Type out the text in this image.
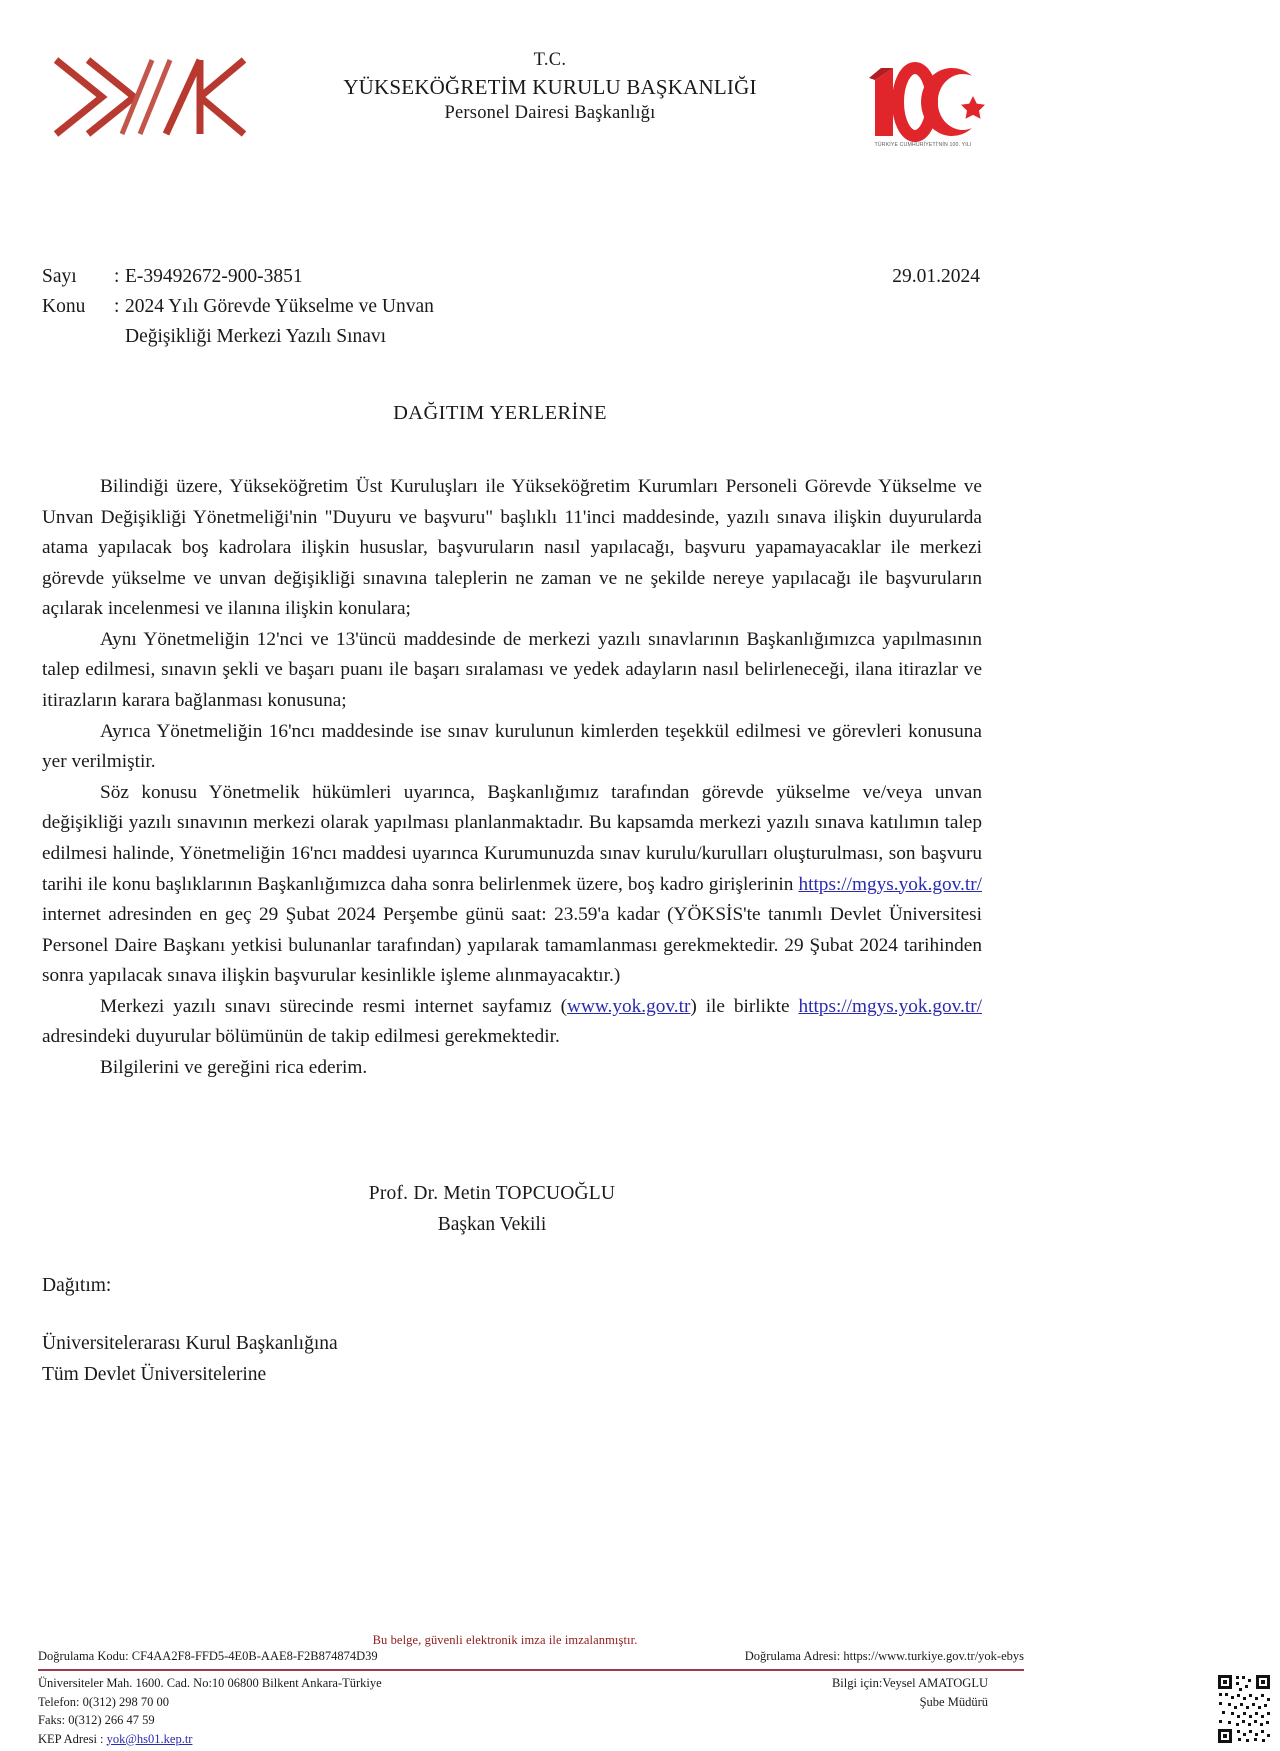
T.C.
YÜKSEKÖĞRETİM KURULU BAŞKANLIĞI
Personel Dairesi Başkanlığı
TÜRKİYE CUMHURİYETİ'NİN 100. YILI
Sayı	: E-39492672-900-3851	29.01.2024
Konu	: 2024 Yılı Görevde Yükselme ve Unvan
Değişikliği Merkezi Yazılı Sınavı
DAĞITIM YERLERİNE

Bilindiği üzere, Yükseköğretim Üst Kuruluşları ile Yükseköğretim Kurumları Personeli Görevde Yükselme ve Unvan Değişikliği Yönetmeliği'nin "Duyuru ve başvuru" başlıklı 11'inci maddesinde, yazılı sınava ilişkin duyurularda atama yapılacak boş kadrolara ilişkin hususlar, başvuruların nasıl yapılacağı, başvuru yapamayacaklar ile merkezi görevde yükselme ve unvan değişikliği sınavına taleplerin ne zaman ve ne şekilde nereye yapılacağı ile başvuruların açılarak incelenmesi ve ilanına ilişkin konulara;

Aynı Yönetmeliğin 12'nci ve 13'üncü maddesinde de merkezi yazılı sınavlarının Başkanlığımızca yapılmasının talep edilmesi, sınavın şekli ve başarı puanı ile başarı sıralaması ve yedek adayların nasıl belirleneceği, ilana itirazlar ve itirazların karara bağlanması konusuna;

Ayrıca Yönetmeliğin 16'ncı maddesinde ise sınav kurulunun kimlerden teşekkül edilmesi ve görevleri konusuna yer verilmiştir.

Söz konusu Yönetmelik hükümleri uyarınca, Başkanlığımız tarafından görevde yükselme ve/veya unvan değişikliği yazılı sınavının merkezi olarak yapılması planlanmaktadır. Bu kapsamda merkezi yazılı sınava katılımın talep edilmesi halinde, Yönetmeliğin 16'ncı maddesi uyarınca Kurumunuzda sınav kurulu/kurulları oluşturulması, son başvuru tarihi ile konu başlıklarının Başkanlığımızca daha sonra belirlenmek üzere, boş kadro girişlerinin https://mgys.yok.gov.tr/ internet adresinden en geç 29 Şubat 2024 Perşembe günü saat: 23.59'a kadar (YÖKSİS'te tanımlı Devlet Üniversitesi Personel Daire Başkanı yetkisi bulunanlar tarafından) yapılarak tamamlanması gerekmektedir. 29 Şubat 2024 tarihinden sonra yapılacak sınava ilişkin başvurular kesinlikle işleme alınmayacaktır.)

Merkezi yazılı sınavı sürecinde resmi internet sayfamız (www.yok.gov.tr) ile birlikte https://mgys.yok.gov.tr/ adresindeki duyurular bölümünün de takip edilmesi gerekmektedir.

Bilgilerini ve gereğini rica ederim.

Prof. Dr. Metin TOPCUOĞLU
Başkan Vekili
Dağıtım:
Üniversitelerarası Kurul Başkanlığına
Tüm Devlet Üniversitelerine
Bu belge, güvenli elektronik imza ile imzalanmıştır.
Doğrulama Kodu: CF4AA2F8-FFD5-4E0B-AAE8-F2B874874D39	Doğrulama Adresi: https://www.turkiye.gov.tr/yok-ebys
Üniversiteler Mah. 1600. Cad. No:10 06800 Bilkent Ankara-Türkiye
Telefon: 0(312) 298 70 00
Faks: 0(312) 266 47 59
KEP Adresi : yok@hs01.kep.tr
Bilgi için:Veysel AMATOGLU
Şube Müdürü
